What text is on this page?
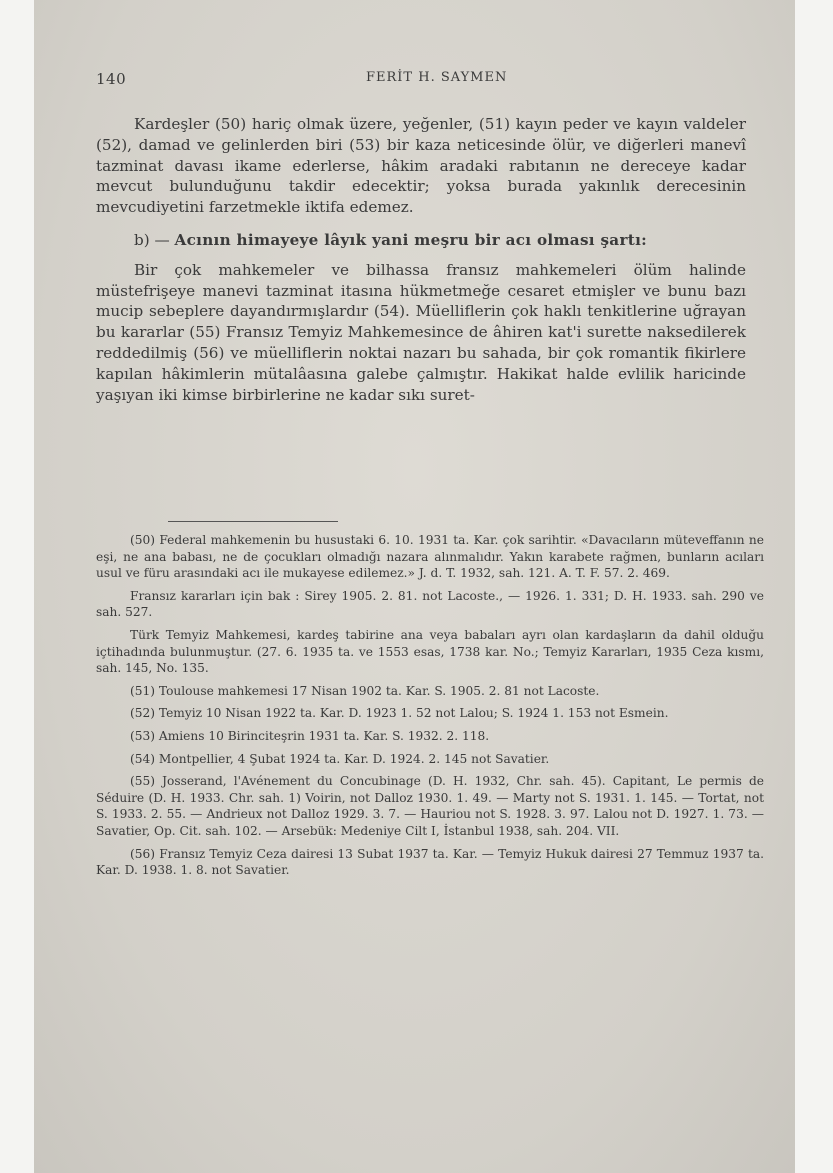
140	FERİT H. SAYMEN

Kardeşler (50) hariç olmak üzere, yeğenler, (51) kayın peder ve kayın valdeler (52), damad ve gelinlerden biri (53) bir kaza neticesinde ölür, ve diğerleri manevî tazminat davası ikame ederlerse, hâkim aradaki rabıtanın ne dereceye kadar mevcut bulunduğunu takdir edecektir; yoksa burada yakınlık derecesinin mevcudiyetini farzetmekle iktifa edemez.

b) — Acının himayeye lâyık yani meşru bir acı olması şartı:

Bir çok mahkemeler ve bilhassa fransız mahkemeleri ölüm halinde müstefrişeye manevi tazminat itasına hükmetmeğe cesaret etmişler ve bunu bazı mucip sebeplere dayandırmışlardır (54). Müelliflerin çok haklı tenkitlerine uğrayan bu kararlar (55) Fransız Temyiz Mahkemesince de âhiren kat'i surette naksedilerek reddedilmiş (56) ve müelliflerin noktai nazarı bu sahada, bir çok romantik fikirlere kapılan hâkimlerin mütalâasına galebe çalmıştır. Hakikat halde evlilik haricinde yaşıyan iki kimse birbirlerine ne kadar sıkı suret-

(50) Federal mahkemenin bu husustaki 6. 10. 1931 ta. Kar. çok sarihtir. «Davacıların müteveffanın ne eşi, ne ana babası, ne de çocukları olmadığı nazara alınmalıdır. Yakın karabete rağmen, bunların acıları usul ve füru arasındaki acı ile mukayese edilemez.» J. d. T. 1932, sah. 121. A. T. F. 57. 2. 469.

Fransız kararları için bak : Sirey 1905. 2. 81. not Lacoste., — 1926. 1. 331; D. H. 1933. sah. 290 ve sah. 527.

Türk Temyiz Mahkemesi, kardeş tabirine ana veya babaları ayrı olan kardaşların da dahil olduğu içtihadında bulunmuştur. (27. 6. 1935 ta. ve 1553 esas, 1738 kar. No.; Temyiz Kararları, 1935 Ceza kısmı, sah. 145, No. 135.

(51) Toulouse mahkemesi 17 Nisan 1902 ta. Kar. S. 1905. 2. 81 not Lacoste.

(52) Temyiz 10 Nisan 1922 ta. Kar. D. 1923 1. 52 not Lalou; S. 1924 1. 153 not Esmein.

(53) Amiens 10 Birinciteşrin 1931 ta. Kar. S. 1932. 2. 118.

(54) Montpellier, 4 Şubat 1924 ta. Kar. D. 1924. 2. 145 not Savatier.

(55) Josserand, l'Avénement du Concubinage (D. H. 1932, Chr. sah. 45). Capitant, Le permis de Séduire (D. H. 1933. Chr. sah. 1) Voirin, not Dalloz 1930. 1. 49. — Marty not S. 1931. 1. 145. — Tortat, not S. 1933. 2. 55. — Andrieux not Dalloz 1929. 3. 7. — Hauriou not S. 1928. 3. 97. Lalou not D. 1927. 1. 73. — Savatier, Op. Cit. sah. 102. — Arsebük: Medeniye Cilt I, İstanbul 1938, sah. 204. VII.

(56) Fransız Temyiz Ceza dairesi 13 Subat 1937 ta. Kar. — Temyiz Hukuk dairesi 27 Temmuz 1937 ta. Kar. D. 1938. 1. 8. not Savatier.
